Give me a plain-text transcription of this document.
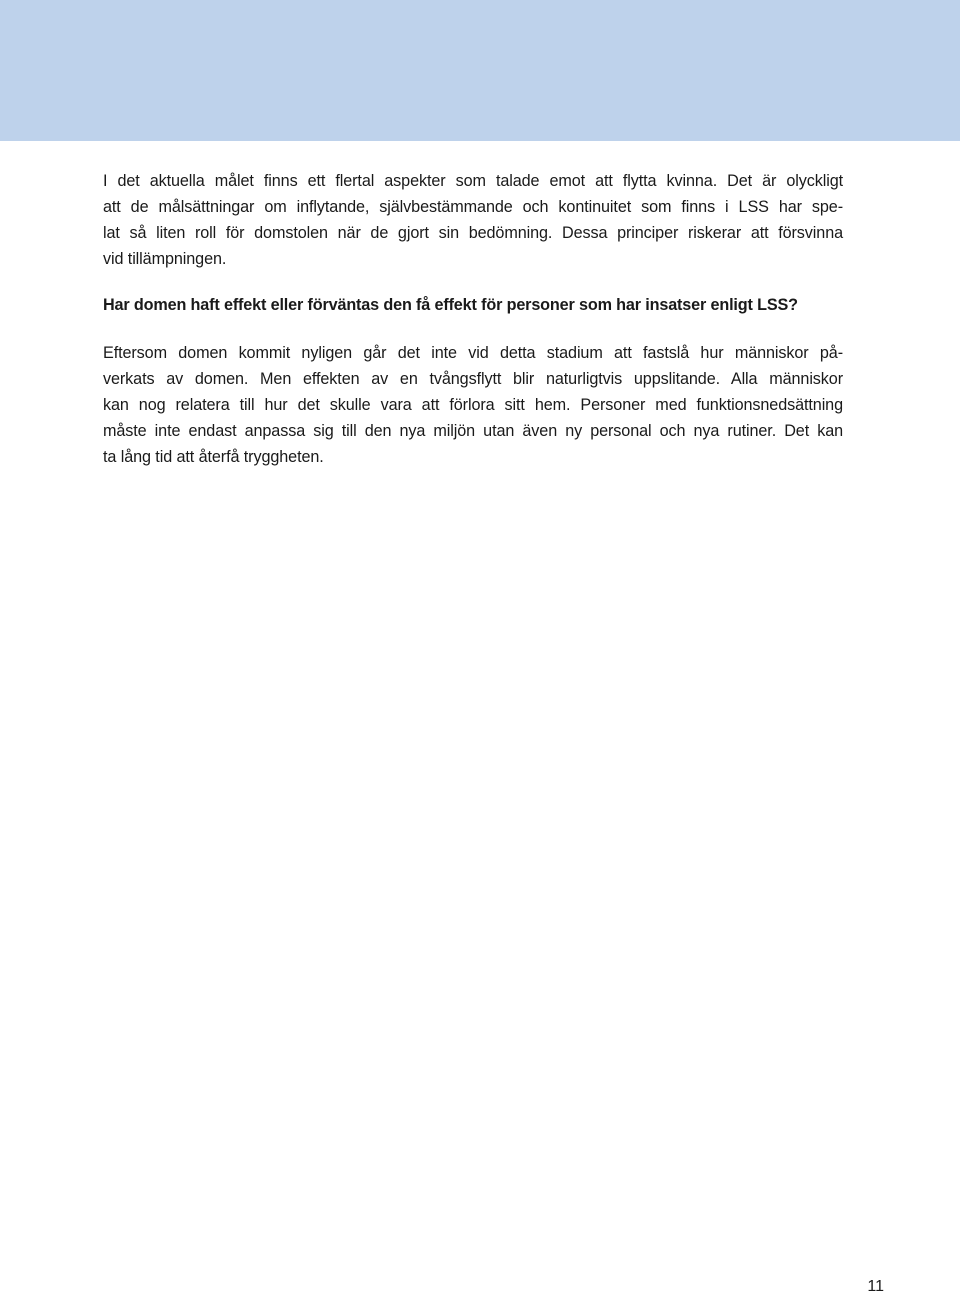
I det aktuella målet finns ett flertal aspekter som talade emot att flytta kvinna. Det är olyckligt
att de målsättningar om inflytande, självbestämmande och kontinuitet som finns i LSS har spe-
lat så liten roll för domstolen när de gjort sin bedömning. Dessa principer riskerar att försvinna
vid tillämpningen.
Har domen haft effekt eller förväntas den få effekt för personer som har insatser enligt LSS?
Eftersom domen kommit nyligen går det inte vid detta stadium att fastslå hur människor på-
verkats av domen. Men effekten av en tvångsflytt blir naturligtvis uppslitande. Alla människor
kan nog relatera till hur det skulle vara att förlora sitt hem. Personer med funktionsnedsättning
måste inte endast anpassa sig till den nya miljön utan även ny personal och nya rutiner. Det kan
ta lång tid att återfå tryggheten.
11
